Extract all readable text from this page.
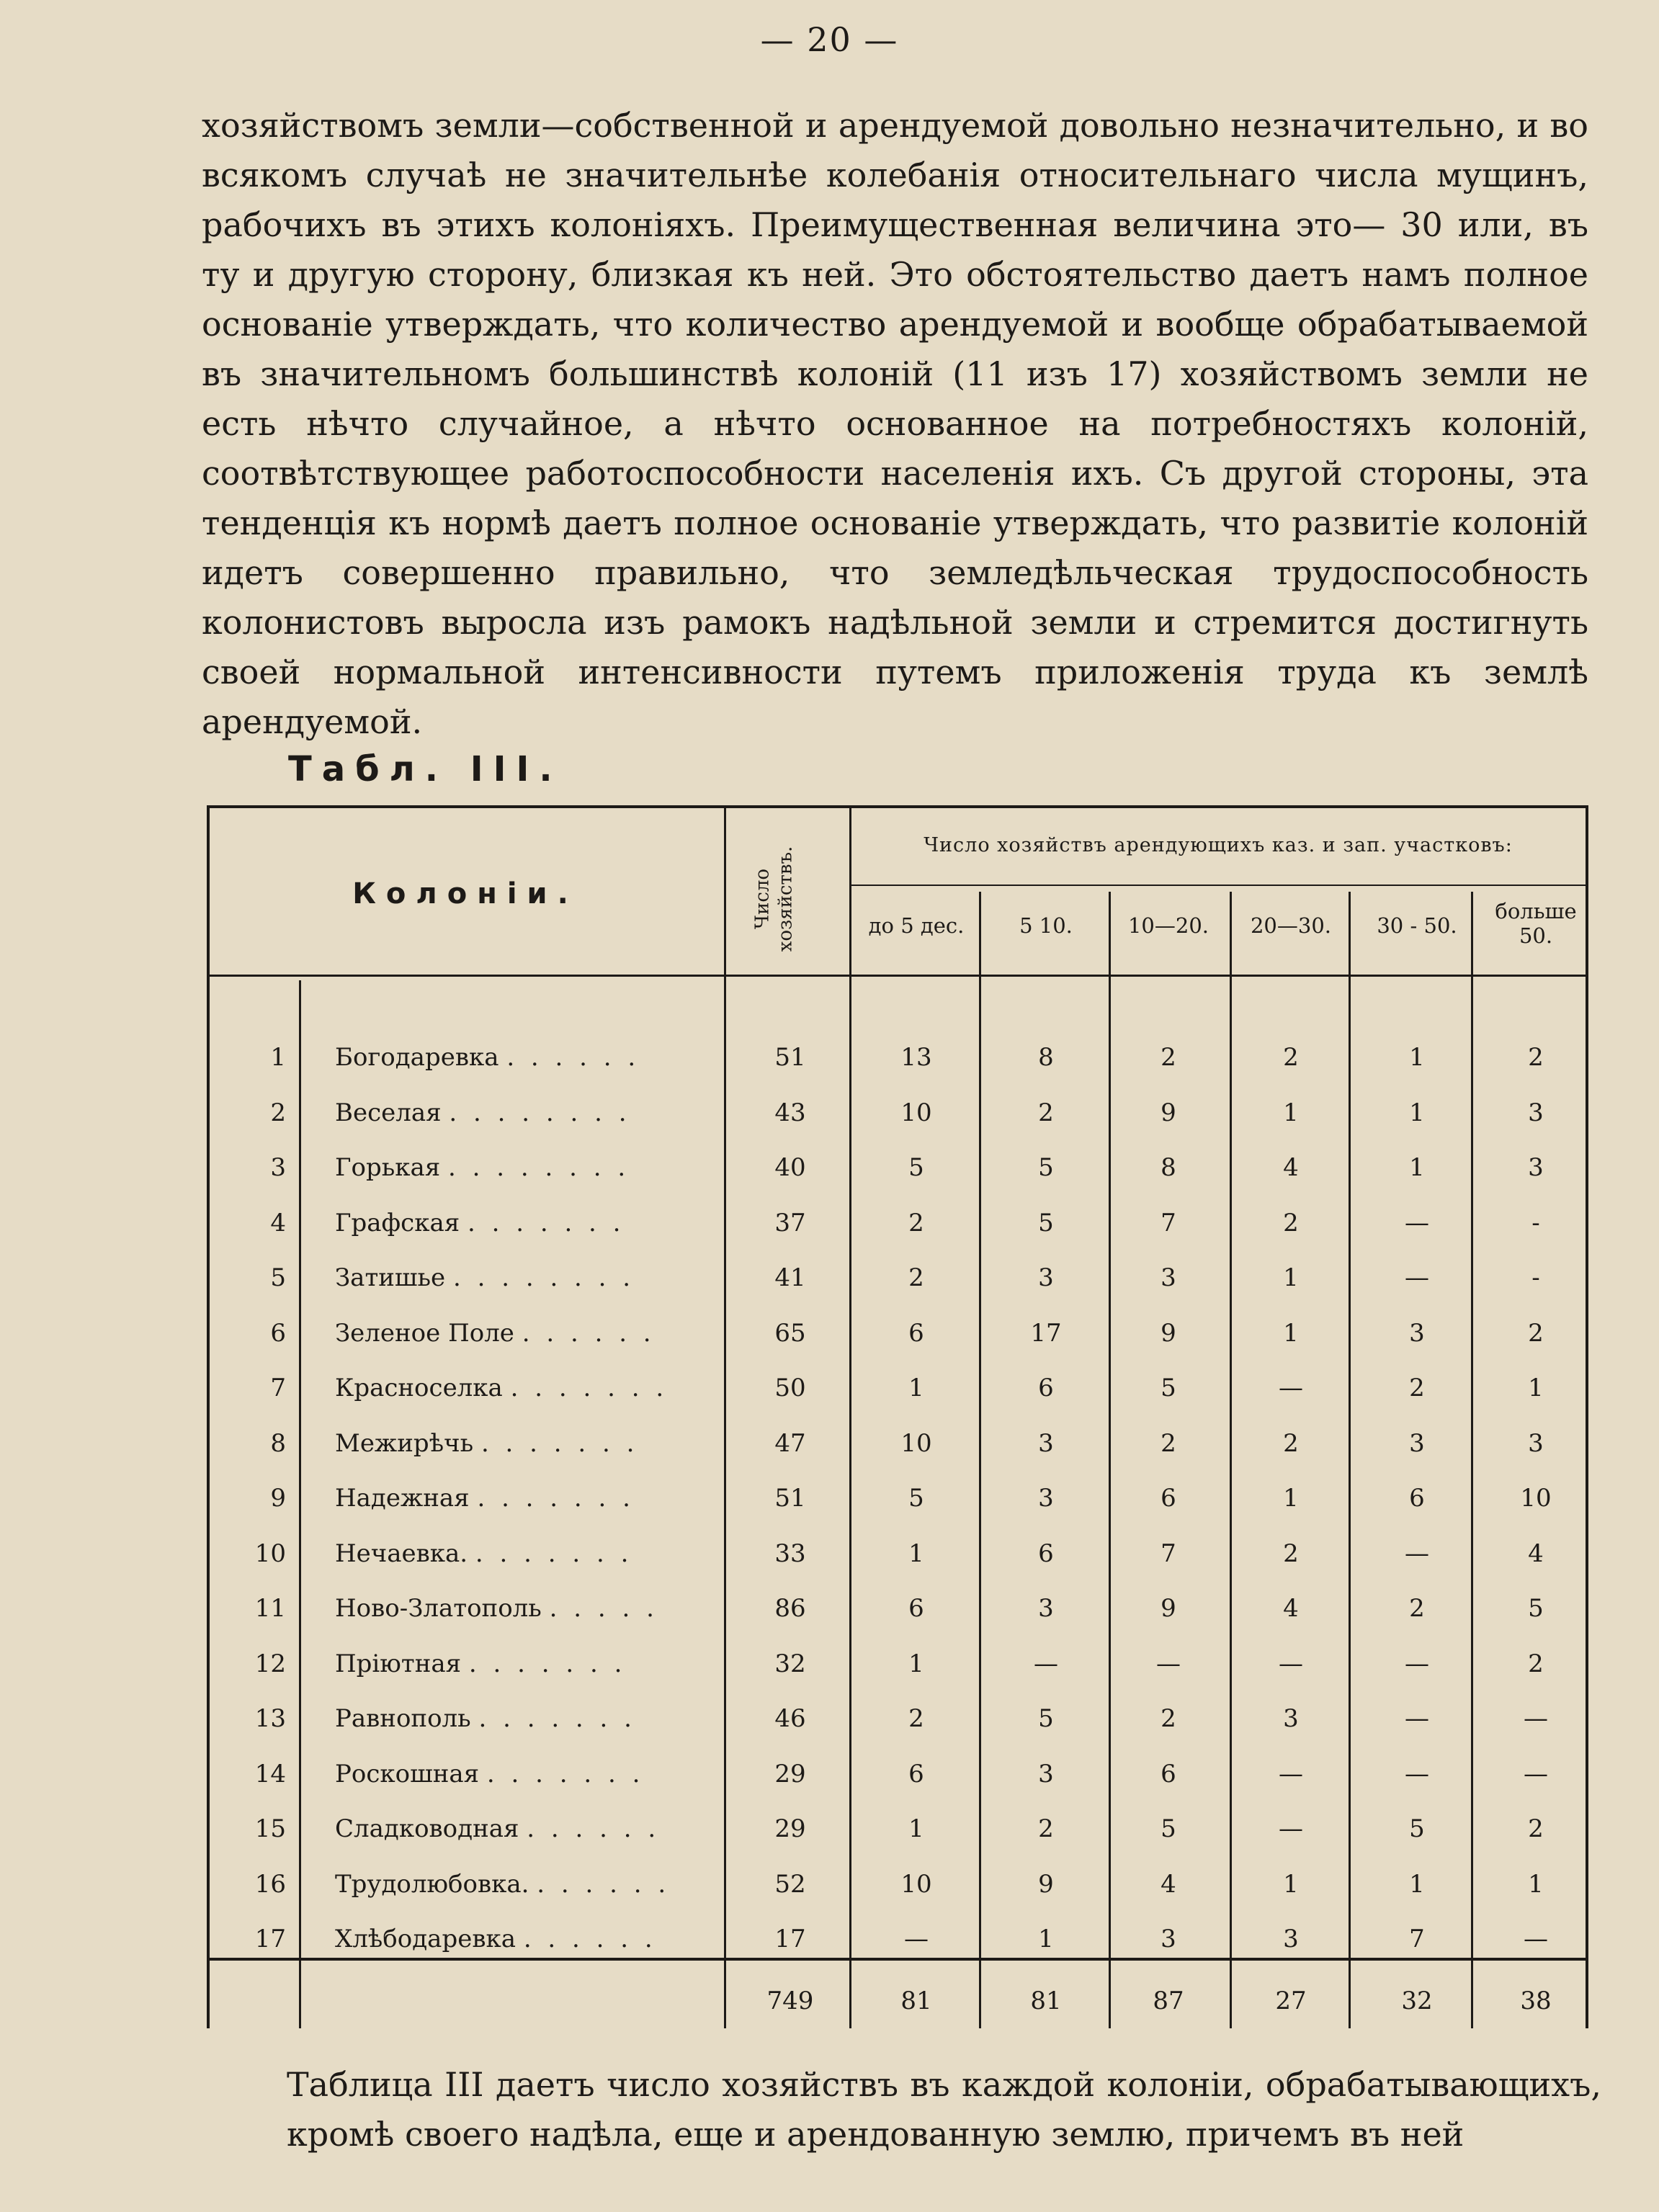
— 20 —
хозяйствомъ земли—собственной и арендуемой довольно незначительно, и во всякомъ случаѣ не значительнѣе колебанія относительнаго числа мущинъ, рабочихъ въ этихъ колоніяхъ. Преимущественная величина это— 30 или, въ ту и другую сторону, близкая къ ней. Это обстоятельство даетъ намъ полное основаніе утверждать, что количество арендуемой и вообще обрабатываемой въ значительномъ большинствѣ колоній (11 изъ 17) хозяйствомъ земли не есть нѣчто случайное, а нѣчто основанное на потребностяхъ колоній, соотвѣтствующее работоспособности населенія ихъ. Съ другой стороны, эта тенденція къ нормѣ даетъ полное основаніе утверждать, что развитіе колоній идетъ совершенно правильно, что земледѣльческая трудоспособность колонистовъ выросла изъ рамокъ надѣльной земли и стремится достигнуть своей нормальной интенсивности путемъ приложенія труда къ землѣ арендуемой.
Табл. III.
Колоніи.	Число хозяйствъ.
Число хозяйствъ арендующихъ каз. и зап. участковъ:
до 5 дес.	5 10.	10—20.	20—30.	30 - 50.
больше 50.
1 Богодаревка . . . . . .	51	13	8	2	2	1	2
2 Веселая . . . . . . . .	43	10	2	9	1	1	3
3 Горькая . . . . . . . .	40	5	5	8	4	1	3
4 Графская . . . . . . .	37	2	5	7	2	—	-
5 Затишье . . . . . . . .	41	2	3	3	1	—	-
6 Зеленое Поле . . . . . .	65	6	17	9	1	3	2
7 Красноселка . . . . . . .	50	1	6	5	—	2	1
8 Межирѣчь . . . . . . .	47	10	3	2	2	3	3
9 Надежная . . . . . . .	51	5	3	6	1	6	10
10 Нечаевка. . . . . . . .	33	1	6	7	2	—	4
11 Ново-Златополь . . . . .	86	6	3	9	4	2	5
12 Пріютная . . . . . . .	32	1	—	—	—	—	2
13 Равнополь . . . . . . .	46	2	5	2	3	—	—
14 Роскошная . . . . . . .	29	6	3	6	—	—	—
15 Сладководная . . . . . .	29	1	2	5	—	5	2
16 Трудолюбовка. . . . . . .	52	10	9	4	1	1	1
17 Хлѣбодаревка . . . . . .	17	—	1	3	3	7	—
749	81	81	87	27	32	38
Таблица III даетъ число хозяйствъ въ каждой колоніи, обрабатывающихъ, кромѣ своего надѣла, еще и арендованную землю, причемъ въ ней
